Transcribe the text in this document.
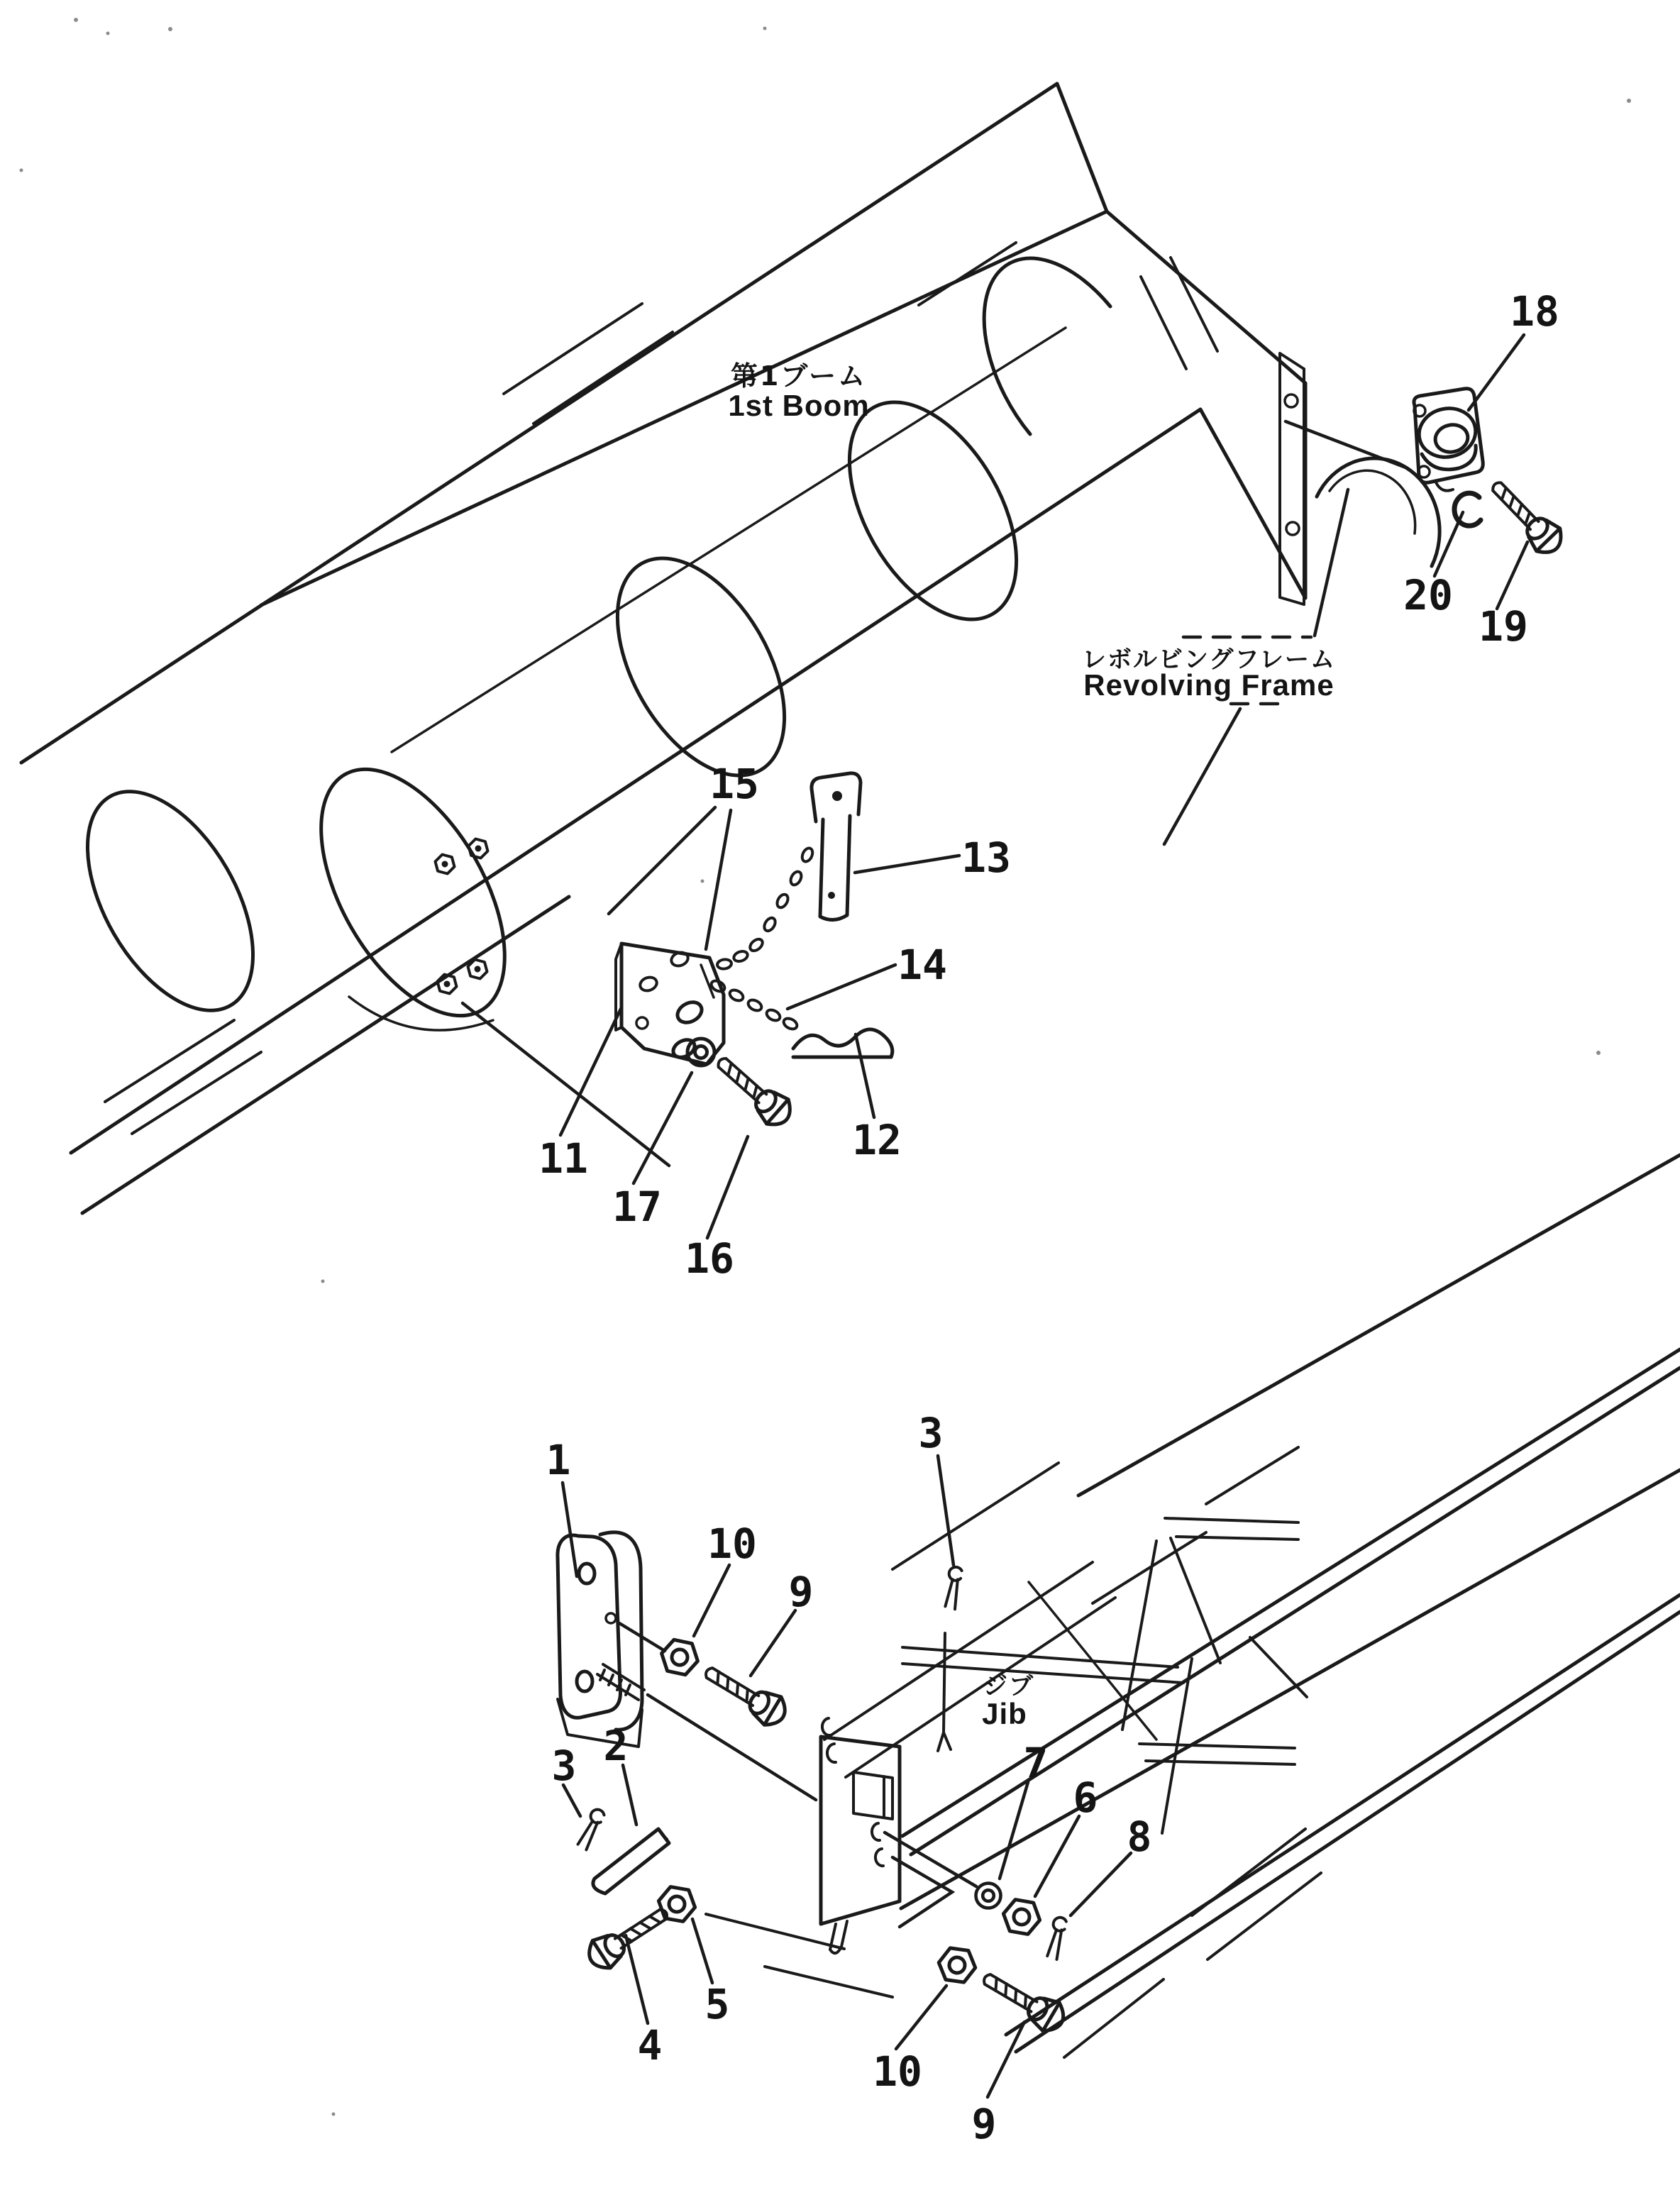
第1ブーム
1st Boom
レボルビングフレーム
Revolving Frame
ジブ
Jib
18
19
20
15
13
14
12
11
17
16
1
3
10
9
2
3	7
6
8
4
5
10
9
